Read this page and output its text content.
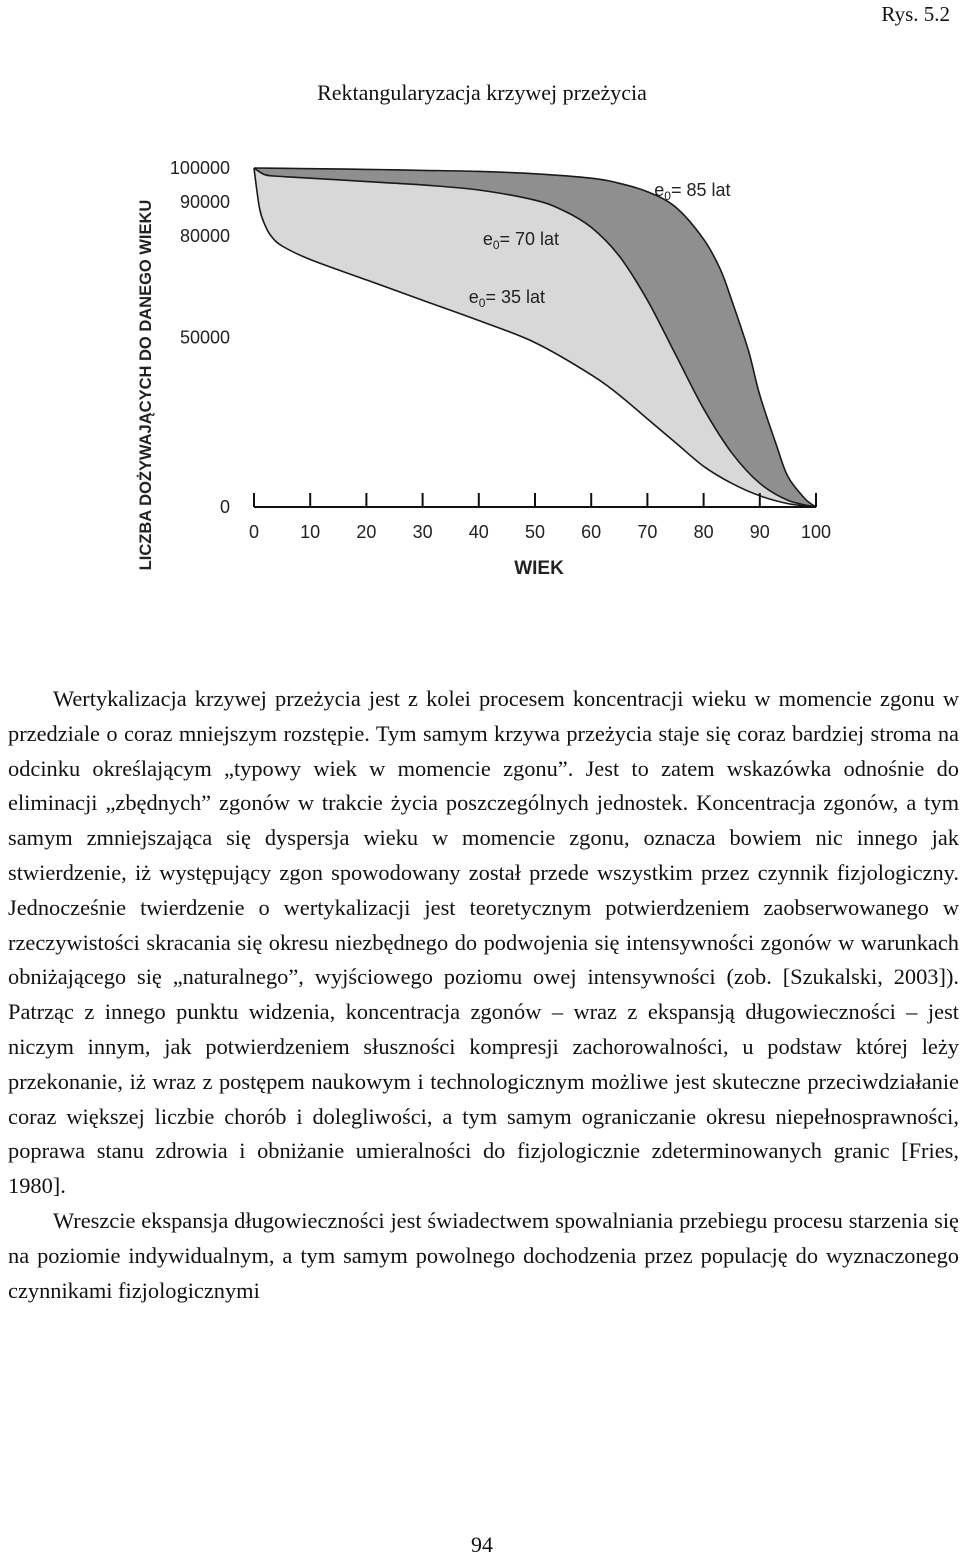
Rys. 5.2
Rektangularyzacja krzywej przeżycia
LICZBA DOŻYWAJĄCYCH DO DANEGO WIEKU	0
50000
80000
90000
100000
0 10 20 30 40 50 60 70 80 90 100
$e_0= 35$ lat
$e_0= 70$ lat
$e_0= 85$ lat
WIEK

Wertykalizacja krzywej przeżycia jest z kolei procesem koncentracji wieku w momencie zgonu w przedziale o coraz mniejszym rozstępie. Tym samym krzywa przeżycia staje się coraz bardziej stroma na odcinku określającym „typowy wiek w momencie zgonu”. Jest to zatem wskazówka odnośnie do eliminacji „zbędnych” zgonów w trakcie życia poszczególnych jednostek. Koncentracja zgonów, a tym samym zmniejszająca się dyspersja wieku w momencie zgonu, oznacza bowiem nic innego jak stwierdzenie, iż występujący zgon spowodowany został przede wszystkim przez czynnik fizjologiczny. Jednocześnie twierdzenie o wertykalizacji jest teoretycznym potwierdzeniem zaobserwowanego w rzeczywistości skracania się okresu niezbędnego do podwojenia się intensywności zgonów w warunkach obniżającego się „naturalnego”, wyjściowego poziomu owej intensywności (zob. [Szukalski, 2003]). Patrząc z innego punktu widzenia, koncentracja zgonów – wraz z ekspansją długowieczności – jest niczym innym, jak potwierdzeniem słuszności kompresji zachorowalności, u podstaw której leży przekonanie, iż wraz z postępem naukowym i technologicznym możliwe jest skuteczne przeciwdziałanie coraz większej liczbie chorób i dolegliwości, a tym samym ograniczanie okresu niepełnosprawności, poprawa stanu zdrowia i obniżanie umieralności do fizjologicznie zdeterminowanych granic [Fries, 1980].

Wreszcie ekspansja długowieczności jest świadectwem spowalniania przebiegu procesu starzenia się na poziomie indywidualnym, a tym samym powolnego dochodzenia przez populację do wyznaczonego czynnikami fizjologicznymi

94
